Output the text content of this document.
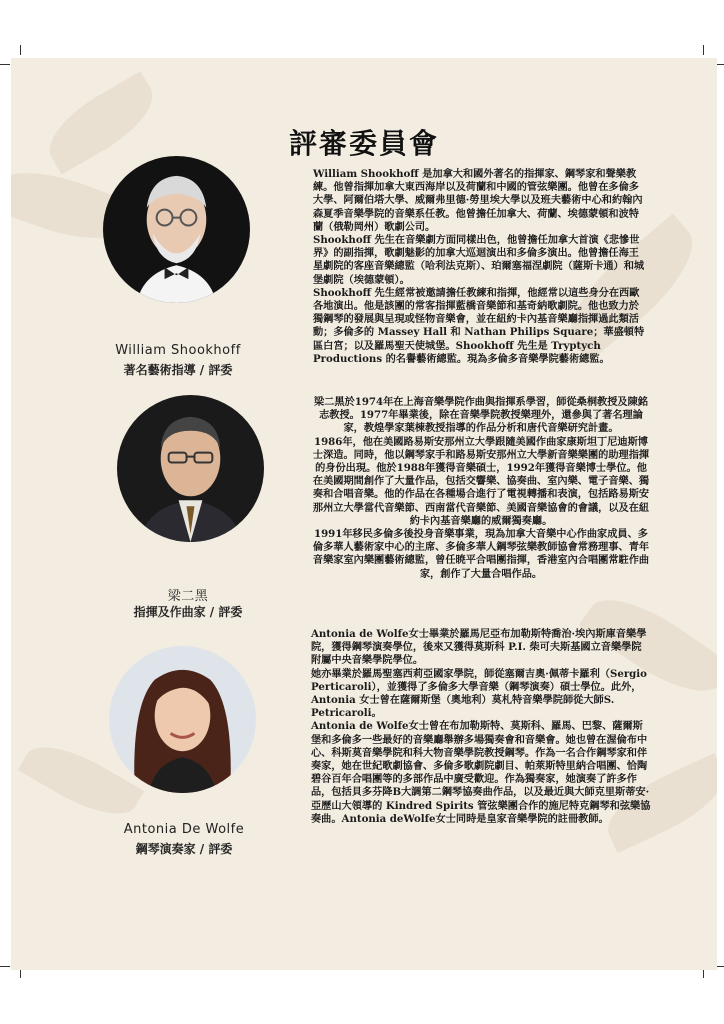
評審委員會
William Shookhoff
著名藝術指導 / 評委

William Shookhoff 是加拿大和國外著名的指揮家、鋼琴家和聲樂教練。他曾指揮加拿大東西海岸以及荷蘭和中國的管弦樂團。他曾在多倫多大學、阿爾伯塔大學、威爾弗里德·勞里埃大學以及班夫藝術中心和約翰內森夏季音樂學院的音樂系任教。他曾擔任加拿大、荷蘭、埃德蒙頓和波特蘭（俄勒岡州）歌劇公司。

Shookhoff 先生在音樂劇方面同樣出色，他曾擔任加拿大首演《悲慘世界》的副指揮，歌劇魅影的加拿大巡迴演出和多倫多演出。他曾擔任海王星劇院的客座音樂總監（哈利法克斯）、珀爾塞福涅劇院（薩斯卡通）和城堡劇院（埃德蒙頓）。

Shookhoff 先生經常被邀請擔任教練和指揮，他經常以這些身分在西歐各地演出。他是該團的常客指揮藍橋音樂節和基奇納歌劇院。他也致力於獨鋼琴的發展與呈現或怪物音樂會，並在紐約卡內基音樂廳指揮過此類活動；多倫多的 Massey Hall 和 Nathan Philips Square；華盛頓特區白宮；以及羅馬聖天使城堡。Shookhoff 先生是 Tryptych Productions 的名譽藝術總監。現為多倫多音樂學院藝術總監。

梁二黑
指揮及作曲家 / 評委

梁二黑於1974年在上海音樂學院作曲與指揮系學習，師從桑桐教授及陳銘志教授。1977年畢業後，除在音樂學院教授樂理外，還參與了著名理論家，教煌學家葉棟教授指導的作品分析和唐代音樂研究計畫。

1986年，他在美國路易斯安那州立大學跟隨美國作曲家康斯坦丁尼迪斯博士深造。同時，他以鋼琴家手和路易斯安那州立大學新音樂樂團的助理指揮的身份出現。他於1988年獲得音樂碩士，1992年獲得音樂博士學位。他在美國期間創作了大量作品，包括交響樂、協奏曲、室內樂、電子音樂、獨奏和合唱音樂。他的作品在各種場合進行了電視轉播和表演，包括路易斯安那州立大學當代音樂節、西南當代音樂節、美國音樂協會的會議，以及在紐約卡內基音樂廳的威爾獨奏廳。

1991年移民多倫多後投身音樂事業，現為加拿大音樂中心作曲家成員、多倫多華人藝術家中心的主席、多倫多華人鋼琴弦樂教師協會常務理事、青年音樂家室內樂團藝術總監，曾任暁平合唱團指揮，香港室內合唱團常駐作曲家，創作了大量合唱作品。

Antonia De Wolfe
鋼琴演奏家 / 評委

Antonia de Wolfe女士畢業於羅馬尼亞布加勒斯特喬治·埃內斯庫音樂學院，獲得鋼琴演奏學位，後來又獲得莫斯科 P.I. 柴可夫斯基國立音樂學院附屬中央音樂學院學位。

她亦畢業於羅馬聖塞西莉亞國家學院，師從塞爾吉奧·佩蒂卡羅利（Sergio Perticaroli），並獲得了多倫多大學音樂（鋼琴演奏）碩士學位。此外，Antonia 女士曾在薩爾斯堡（奧地利）莫札特音樂學院師從大師S. Petricaroli。

Antonia de Wolfe女士曾在布加勒斯特、莫斯科、羅馬、巴黎、薩爾斯堡和多倫多一些最好的音樂廳舉辦多場獨奏會和音樂會。她也曾在渥倫布中心、科斯莫音樂學院和科大物音樂學院教授鋼琴。作為一名合作鋼琴家和伴奏家，她在世紀歌劇協會、多倫多歌劇院劇目、帕萊斯特里納合唱團、恰陶碧谷百年合唱團等的多部作品中廣受歡迎。作為獨奏家，她演奏了許多作品，包括貝多芬降B大調第二鋼琴協奏曲作品，以及最近與大師克里斯蒂安·亞歷山大領導的 Kindred Spirits 管弦樂團合作的施尼特克鋼琴和弦樂協奏曲。Antonia deWolfe女士同時是皇家音樂學院的註冊教師。
